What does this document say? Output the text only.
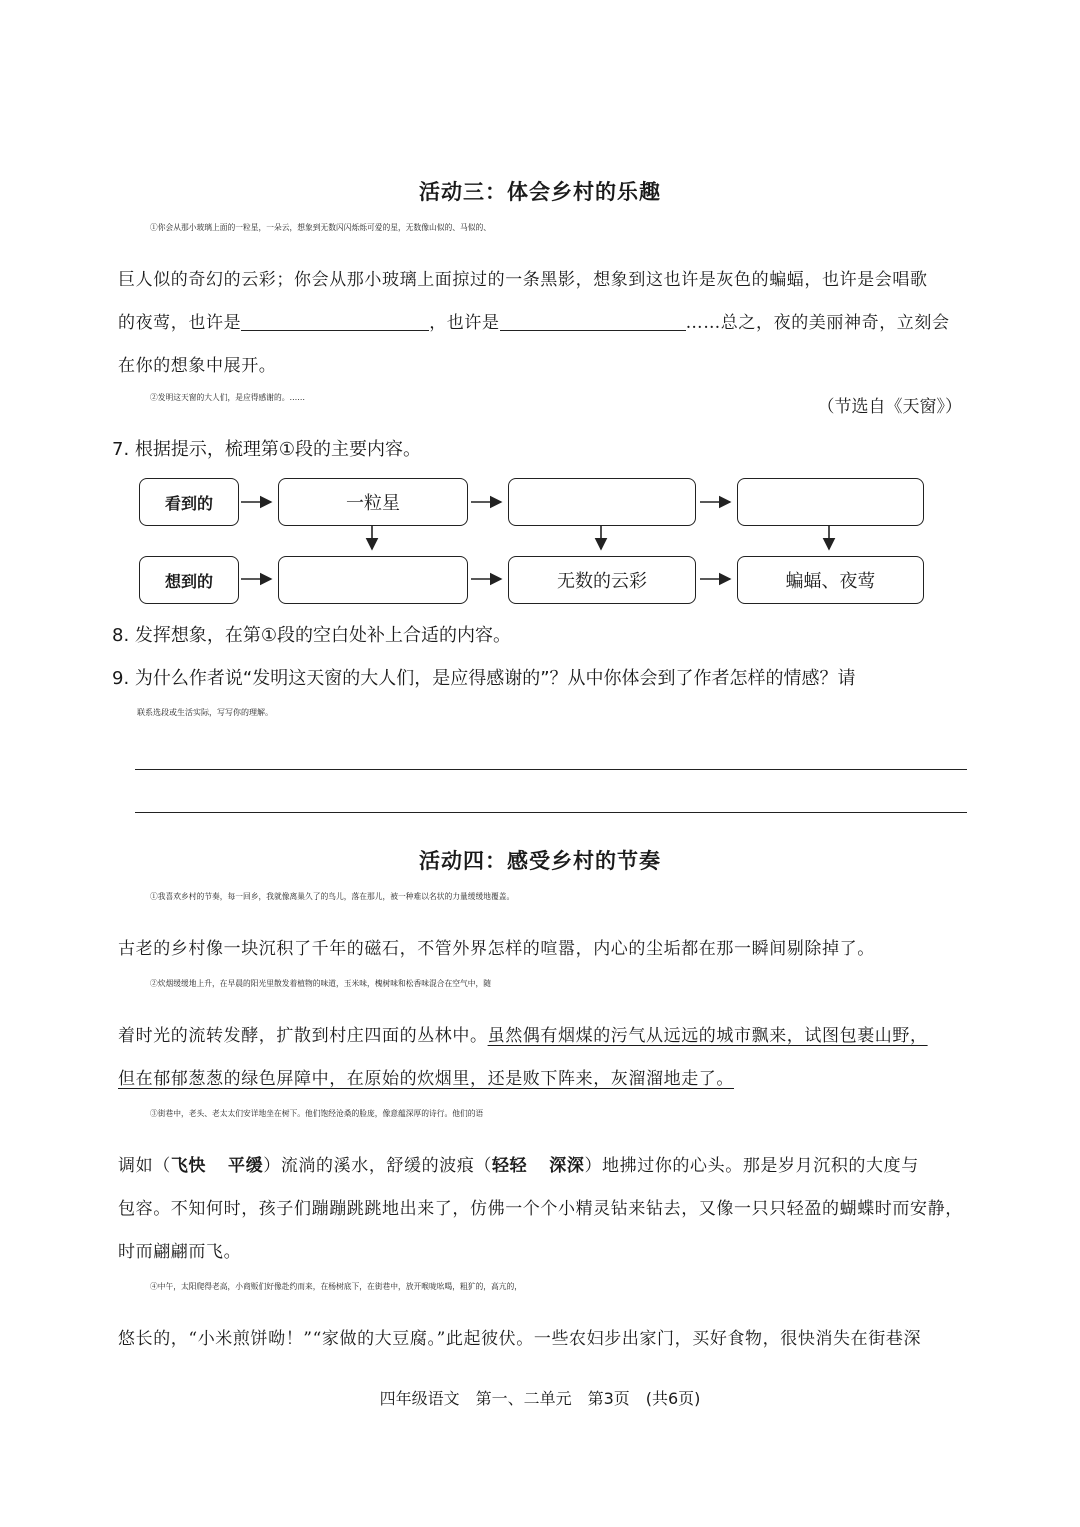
活动三：体会乡村的乐趣
①你会从那小玻璃上面的一粒星，一朵云，想象到无数闪闪烁烁可爱的星，无数像山似的、马似的、
巨人似的奇幻的云彩；你会从那小玻璃上面掠过的一条黑影，想象到这也许是灰色的蝙蝠，也许是会唱歌
的夜莺，也许是	，也许是	……总之，夜的美丽神奇，立刻会
在你的想象中展开。
②发明这天窗的大人们，是应得感谢的。……	（节选自《天窗》）
7. 根据提示，梳理第①段的主要内容。
看到的	一粒星
想到的	无数的云彩	蝙蝠、夜莺
8. 发挥想象，在第①段的空白处补上合适的内容。
9. 为什么作者说“发明这天窗的大人们，是应得感谢的”？从中你体会到了作者怎样的情感？请
联系选段或生活实际，写写你的理解。
活动四：感受乡村的节奏
①我喜欢乡村的节奏，每一回乡，我就像离巢久了的鸟儿，落在那儿，被一种难以名状的力量缓缓地覆盖。
古老的乡村像一块沉积了千年的磁石，不管外界怎样的喧嚣，内心的尘垢都在那一瞬间剔除掉了。
②炊烟缓缓地上升，在早晨的阳光里散发着植物的味道，玉米味，槐树味和松香味混合在空气中，随
着时光的流转发酵，扩散到村庄四面的丛林中。虽然偶有烟煤的污气从远远的城市飘来，试图包裹山野，
但在郁郁葱葱的绿色屏障中，在原始的炊烟里，还是败下阵来，灰溜溜地走了。
③街巷中，老头、老太太们安详地坐在树下。他们饱经沧桑的脸庞，像意蕴深厚的诗行。他们的语
调如（飞快 平缓）流淌的溪水，舒缓的波痕（轻轻 深深）地拂过你的心头。那是岁月沉积的大度与
包容。不知何时，孩子们蹦蹦跳跳地出来了，仿佛一个个小精灵钻来钻去，又像一只只轻盈的蝴蝶时而安静，
时而翩翩而飞。
④中午，太阳爬得老高，小商贩们好像赴约而来，在杨树底下，在街巷中，放开喉咙吆喝，粗犷的，高亢的，
悠长的，“小米煎饼呦！”“家做的大豆腐。”此起彼伏。一些农妇步出家门，买好食物，很快消失在街巷深
四年级语文　第一、二单元　第3页　(共6页)
